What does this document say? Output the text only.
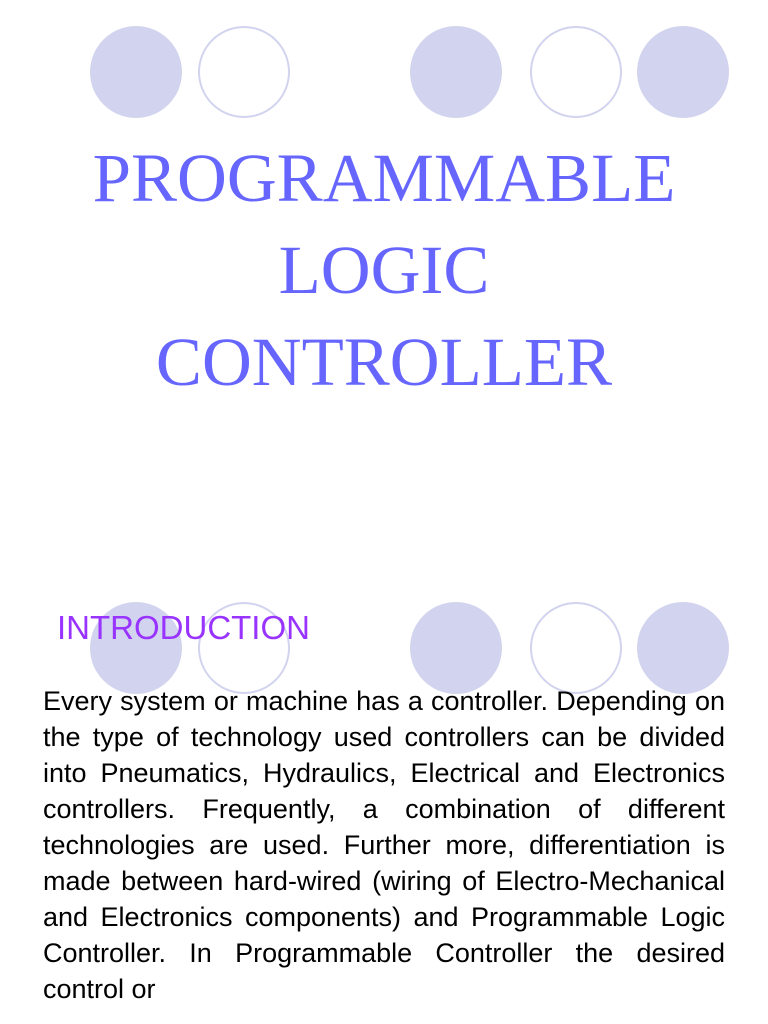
PROGRAMMABLE
LOGIC
CONTROLLER
INTRODUCTION

Every system or machine has a controller. Depending on the type of technology used controllers can be divided into Pneumatics, Hydraulics, Electrical and Electronics controllers. Frequently, a combination of different technologies are used. Further more, differentiation is made between hard-wired (wiring of Electro-Mechanical and Electronics components) and Programmable Logic Controller. In Programmable Controller the desired control or
